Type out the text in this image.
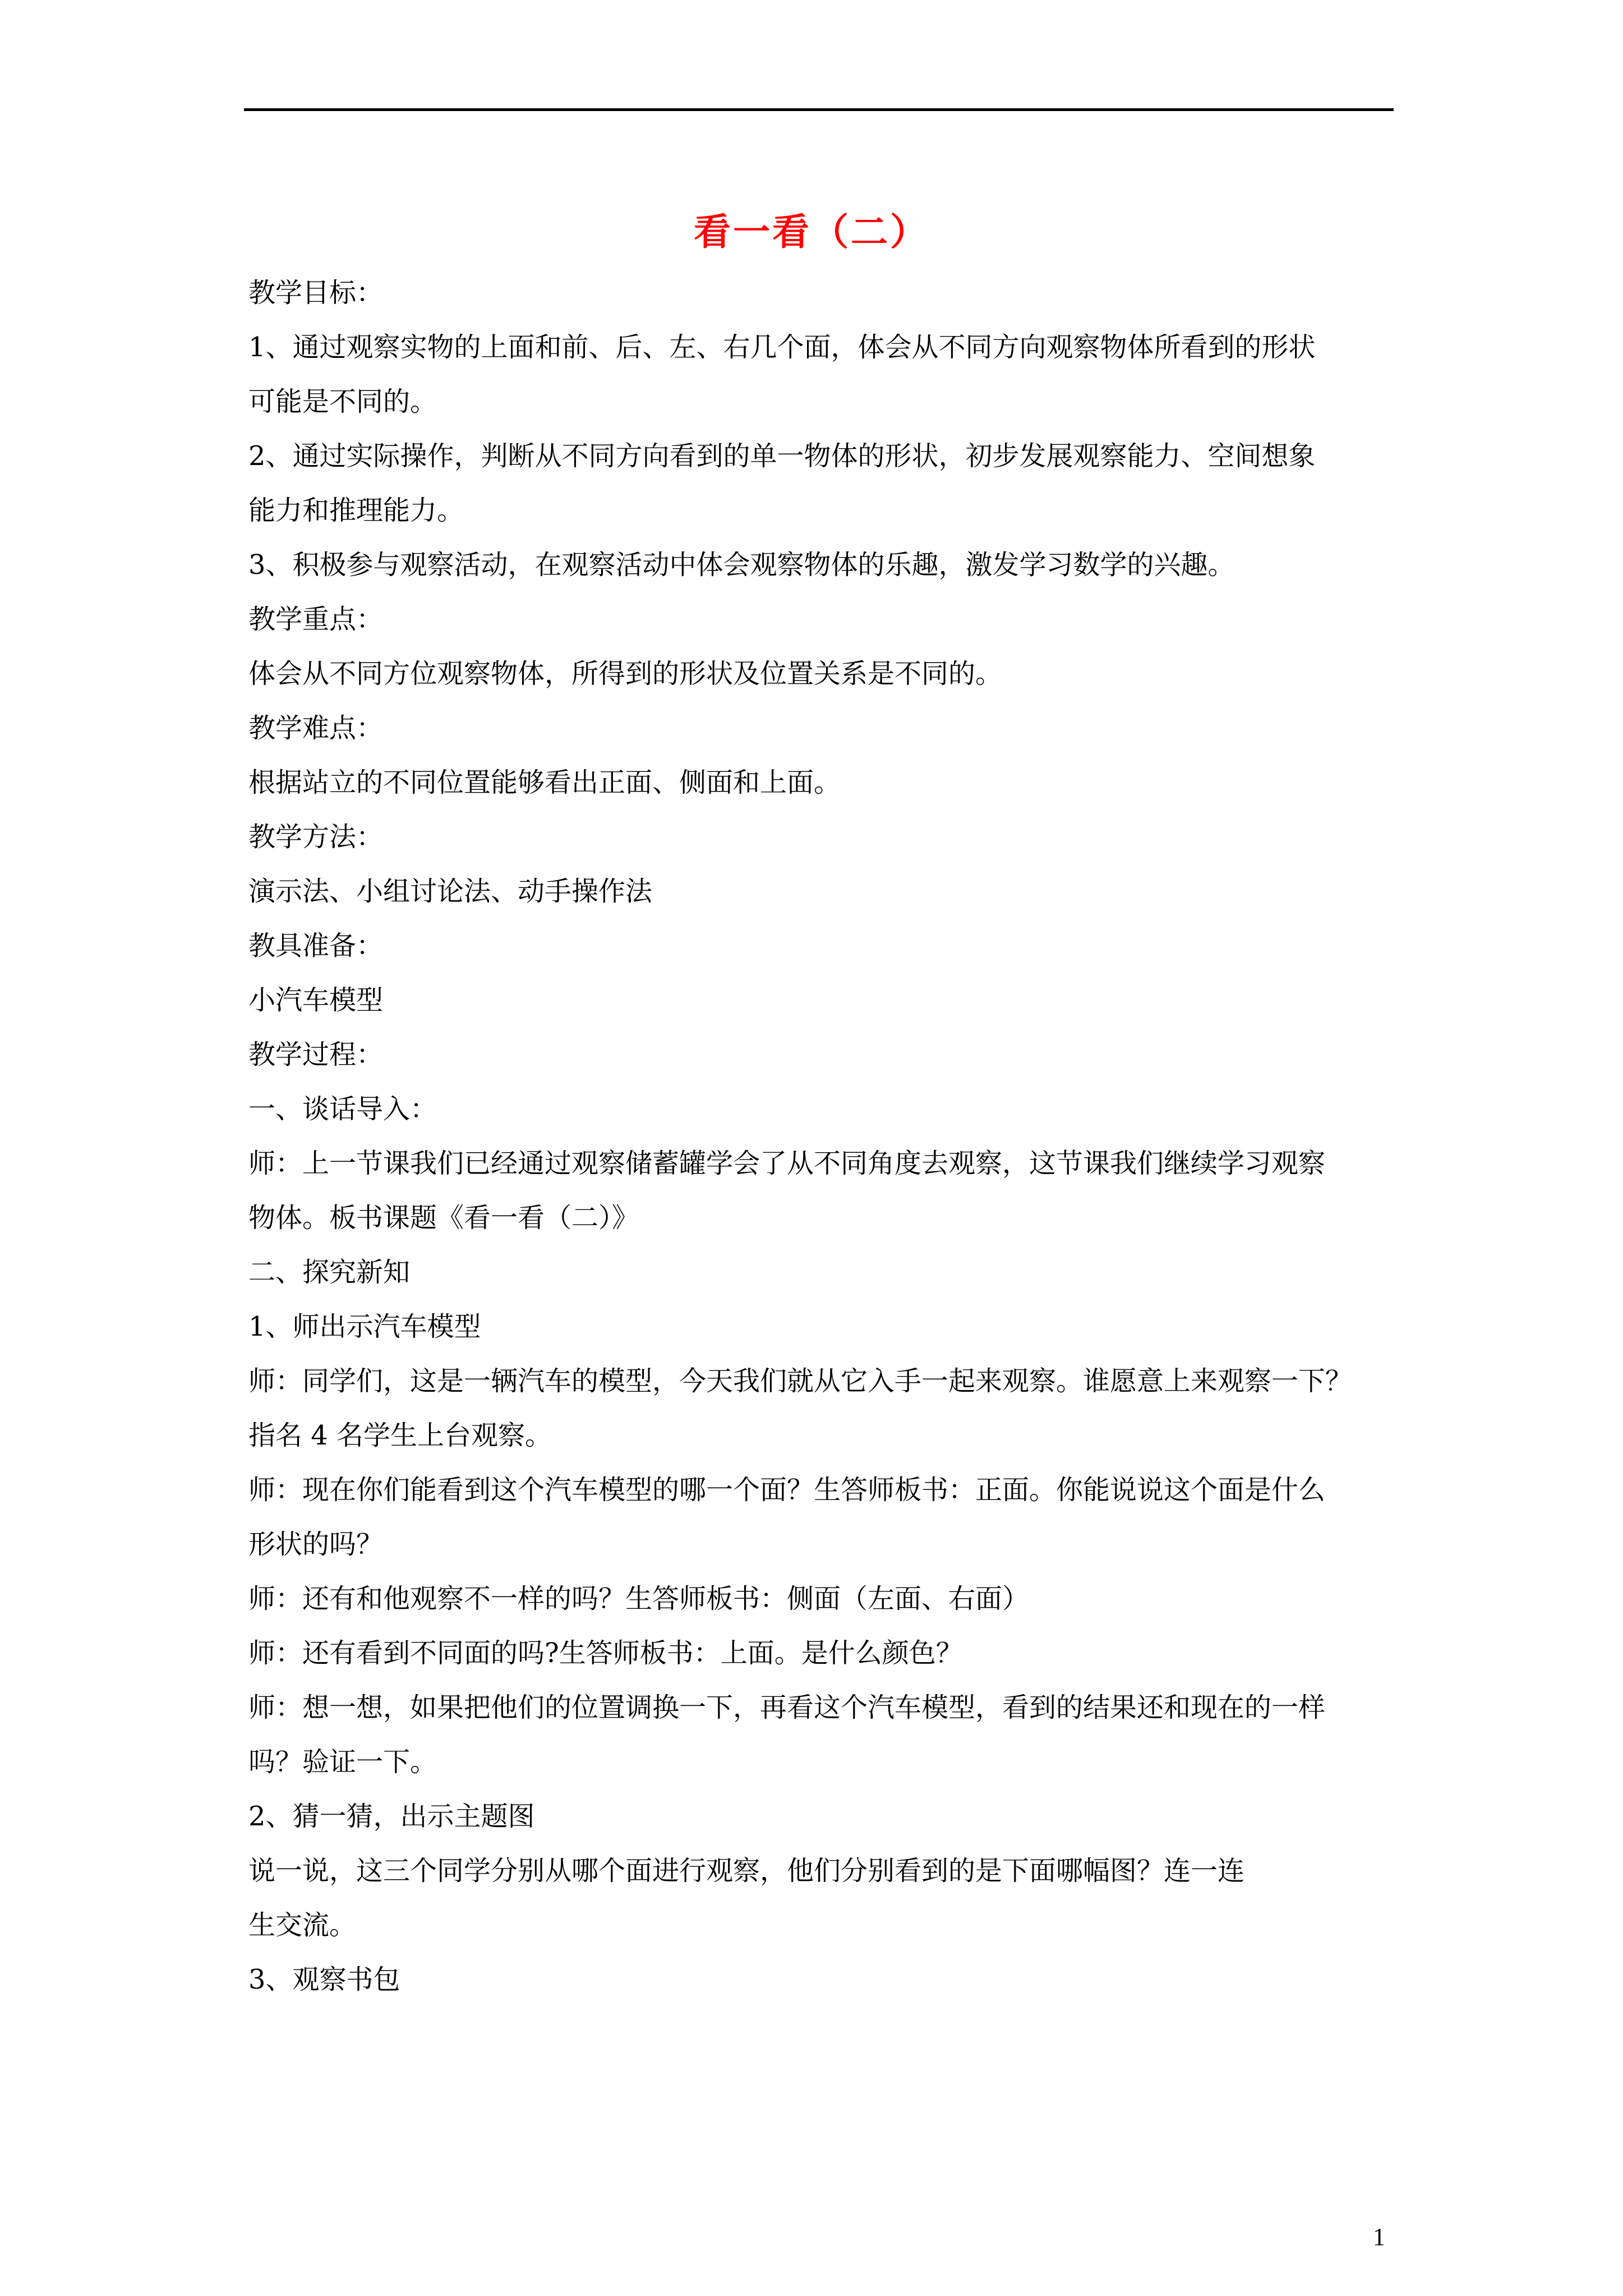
看一看（二）

教学目标：

1、通过观察实物的上面和前、后、左、右几个面，体会从不同方向观察物体所看到的形状

可能是不同的。

2、通过实际操作，判断从不同方向看到的单一物体的形状，初步发展观察能力、空间想象

能力和推理能力。

3、积极参与观察活动，在观察活动中体会观察物体的乐趣，激发学习数学的兴趣。

教学重点：

体会从不同方位观察物体，所得到的形状及位置关系是不同的。

教学难点：

根据站立的不同位置能够看出正面、侧面和上面。

教学方法：

演示法、小组讨论法、动手操作法

教具准备：

小汽车模型

教学过程：

一、谈话导入：

师：上一节课我们已经通过观察储蓄罐学会了从不同角度去观察，这节课我们继续学习观察

物体。板书课题《看一看（二）》

二、探究新知

1、师出示汽车模型

师：同学们，这是一辆汽车的模型，今天我们就从它入手一起来观察。谁愿意上来观察一下？

指名 4 名学生上台观察。

师：现在你们能看到这个汽车模型的哪一个面？生答师板书：正面。你能说说这个面是什么

形状的吗？

师：还有和他观察不一样的吗？生答师板书：侧面（左面、右面）

师：还有看到不同面的吗?生答师板书：上面。是什么颜色？

师：想一想，如果把他们的位置调换一下，再看这个汽车模型，看到的结果还和现在的一样

吗？验证一下。

2、猜一猜，出示主题图

说一说，这三个同学分别从哪个面进行观察，他们分别看到的是下面哪幅图？连一连

生交流。

3、观察书包

1
